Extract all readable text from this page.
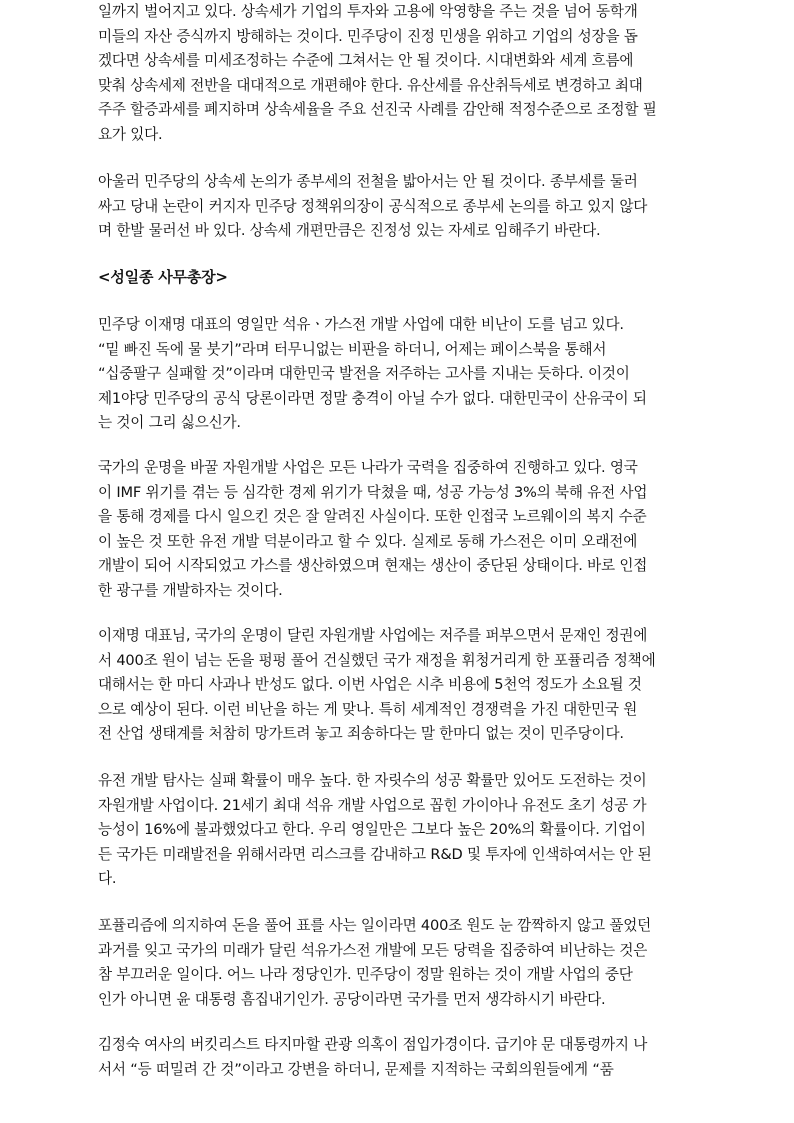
일까지 벌어지고 있다. 상속세가 기업의 투자와 고용에 악영향을 주는 것을 넘어 동학개
미들의 자산 증식까지 방해하는 것이다. 민주당이 진정 민생을 위하고 기업의 성장을 돕
겠다면 상속세를 미세조정하는 수준에 그쳐서는 안 될 것이다. 시대변화와 세계 흐름에
맞춰 상속세제 전반을 대대적으로 개편해야 한다. 유산세를 유산취득세로 변경하고 최대
주주 할증과세를 폐지하며 상속세율을 주요 선진국 사례를 감안해 적정수준으로 조정할 필
요가 있다.
아울러 민주당의 상속세 논의가 종부세의 전철을 밟아서는 안 될 것이다. 종부세를 둘러
싸고 당내 논란이 커지자 민주당 정책위의장이 공식적으로 종부세 논의를 하고 있지 않다
며 한발 물러선 바 있다. 상속세 개편만큼은 진정성 있는 자세로 임해주기 바란다.
<성일종 사무총장>
민주당 이재명 대표의 영일만 석유ㆍ가스전 개발 사업에 대한 비난이 도를 넘고 있다.
“밑 빠진 독에 물 붓기”라며 터무니없는 비판을 하더니, 어제는 페이스북을 통해서
“십중팔구 실패할 것”이라며 대한민국 발전을 저주하는 고사를 지내는 듯하다. 이것이
제1야당 민주당의 공식 당론이라면 정말 충격이 아닐 수가 없다. 대한민국이 산유국이 되
는 것이 그리 싫으신가.
국가의 운명을 바꿀 자원개발 사업은 모든 나라가 국력을 집중하여 진행하고 있다. 영국
이 IMF 위기를 겪는 등 심각한 경제 위기가 닥쳤을 때, 성공 가능성 3%의 북해 유전 사업
을 통해 경제를 다시 일으킨 것은 잘 알려진 사실이다. 또한 인접국 노르웨이의 복지 수준
이 높은 것 또한 유전 개발 덕분이라고 할 수 있다. 실제로 동해 가스전은 이미 오래전에
개발이 되어 시작되었고 가스를 생산하였으며 현재는 생산이 중단된 상태이다. 바로 인접
한 광구를 개발하자는 것이다.
이재명 대표님, 국가의 운명이 달린 자원개발 사업에는 저주를 퍼부으면서 문재인 정권에
서 400조 원이 넘는 돈을 펑펑 풀어 건실했던 국가 재정을 휘청거리게 한 포퓰리즘 정책에
대해서는 한 마디 사과나 반성도 없다. 이번 사업은 시추 비용에 5천억 정도가 소요될 것
으로 예상이 된다. 이런 비난을 하는 게 맞나. 특히 세계적인 경쟁력을 가진 대한민국 원
전 산업 생태계를 처참히 망가트려 놓고 죄송하다는 말 한마디 없는 것이 민주당이다.
유전 개발 탐사는 실패 확률이 매우 높다. 한 자릿수의 성공 확률만 있어도 도전하는 것이
자원개발 사업이다. 21세기 최대 석유 개발 사업으로 꼽힌 가이아나 유전도 초기 성공 가
능성이 16%에 불과했었다고 한다. 우리 영일만은 그보다 높은 20%의 확률이다. 기업이
든 국가든 미래발전을 위해서라면 리스크를 감내하고 R&D 및 투자에 인색하여서는 안 된
다.
포퓰리즘에 의지하여 돈을 풀어 표를 사는 일이라면 400조 원도 눈 깜짝하지 않고 풀었던
과거를 잊고 국가의 미래가 달린 석유가스전 개발에 모든 당력을 집중하여 비난하는 것은
참 부끄러운 일이다. 어느 나라 정당인가. 민주당이 정말 원하는 것이 개발 사업의 중단
인가 아니면 윤 대통령 흠집내기인가. 공당이라면 국가를 먼저 생각하시기 바란다.
김정숙 여사의 버킷리스트 타지마할 관광 의혹이 점입가경이다. 급기야 문 대통령까지 나
서서 “등 떠밀려 간 것”이라고 강변을 하더니, 문제를 지적하는 국회의원들에게 “품
